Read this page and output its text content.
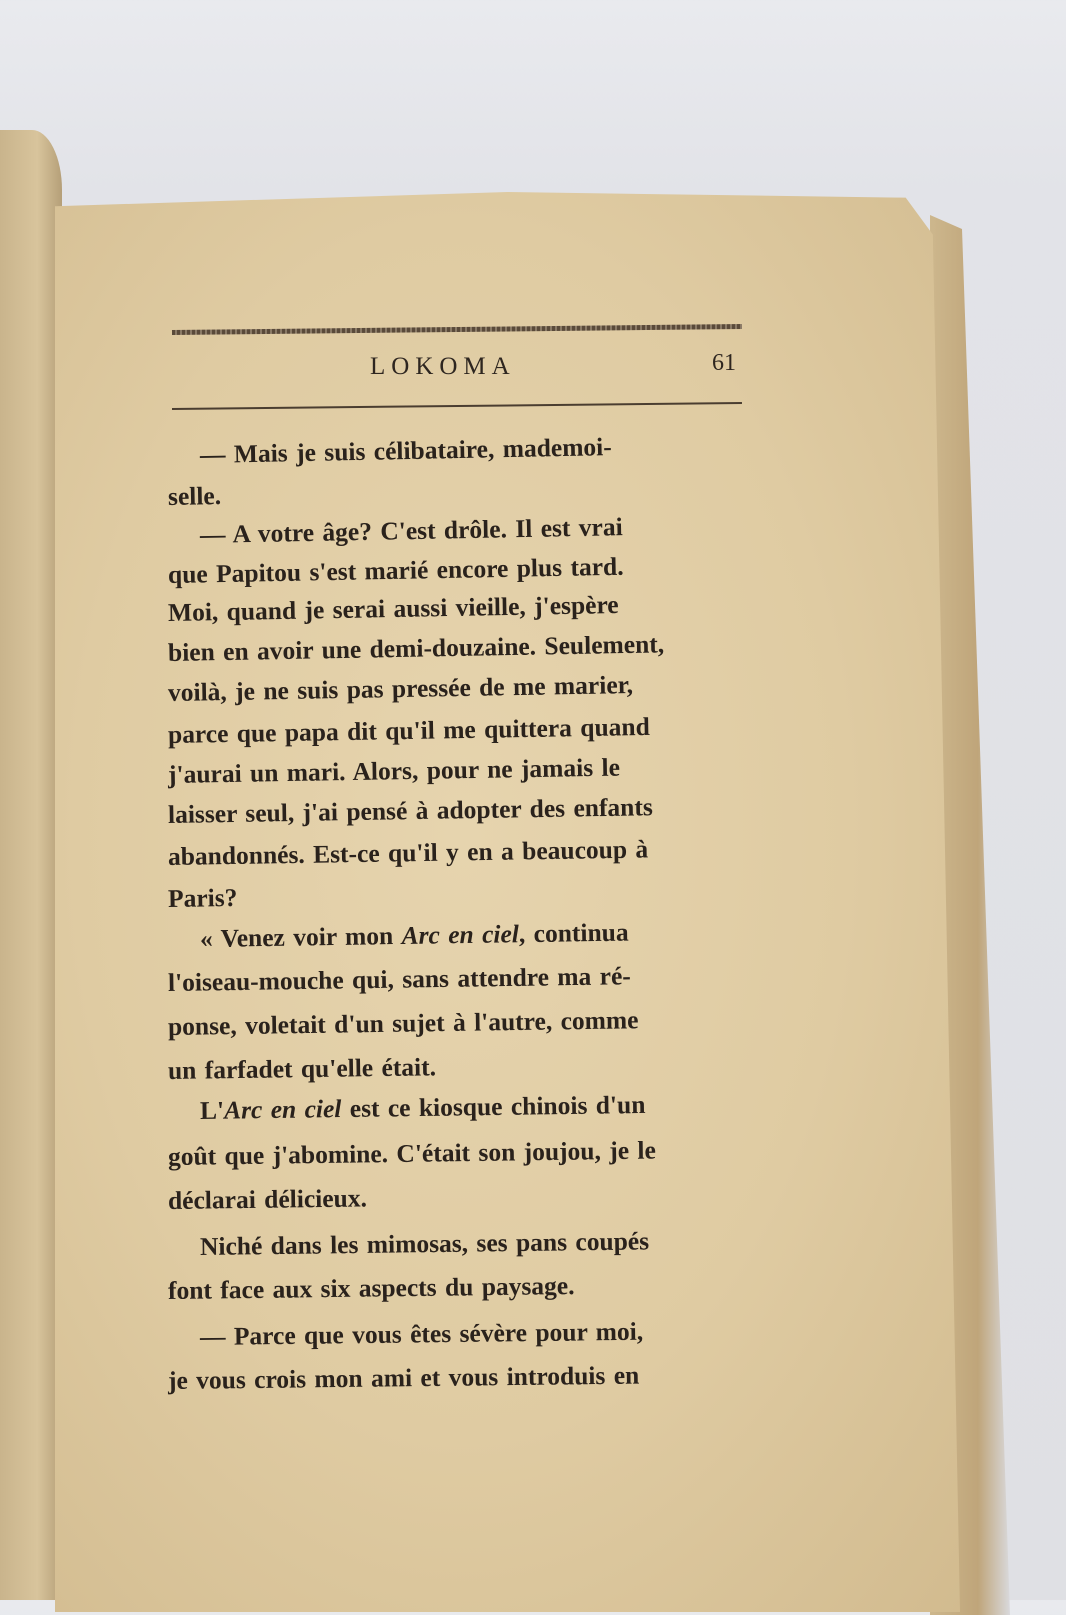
LOKOMA	61
— Mais je suis célibataire, mademoi-
selle.
— A votre âge? C'est drôle. Il est vrai
que Papitou s'est marié encore plus tard.
Moi, quand je serai aussi vieille, j'espère
bien en avoir une demi-douzaine. Seulement,
voilà, je ne suis pas pressée de me marier,
parce que papa dit qu'il me quittera quand
j'aurai un mari. Alors, pour ne jamais le
laisser seul, j'ai pensé à adopter des enfants
abandonnés. Est-ce qu'il y en a beaucoup à
Paris?
« Venez voir mon Arc en ciel, continua
l'oiseau-mouche qui, sans attendre ma ré-
ponse, voletait d'un sujet à l'autre, comme
un farfadet qu'elle était.
L'Arc en ciel est ce kiosque chinois d'un
goût que j'abomine. C'était son joujou, je le
déclarai délicieux.
Niché dans les mimosas, ses pans coupés
font face aux six aspects du paysage.
— Parce que vous êtes sévère pour moi,
je vous crois mon ami et vous introduis en
